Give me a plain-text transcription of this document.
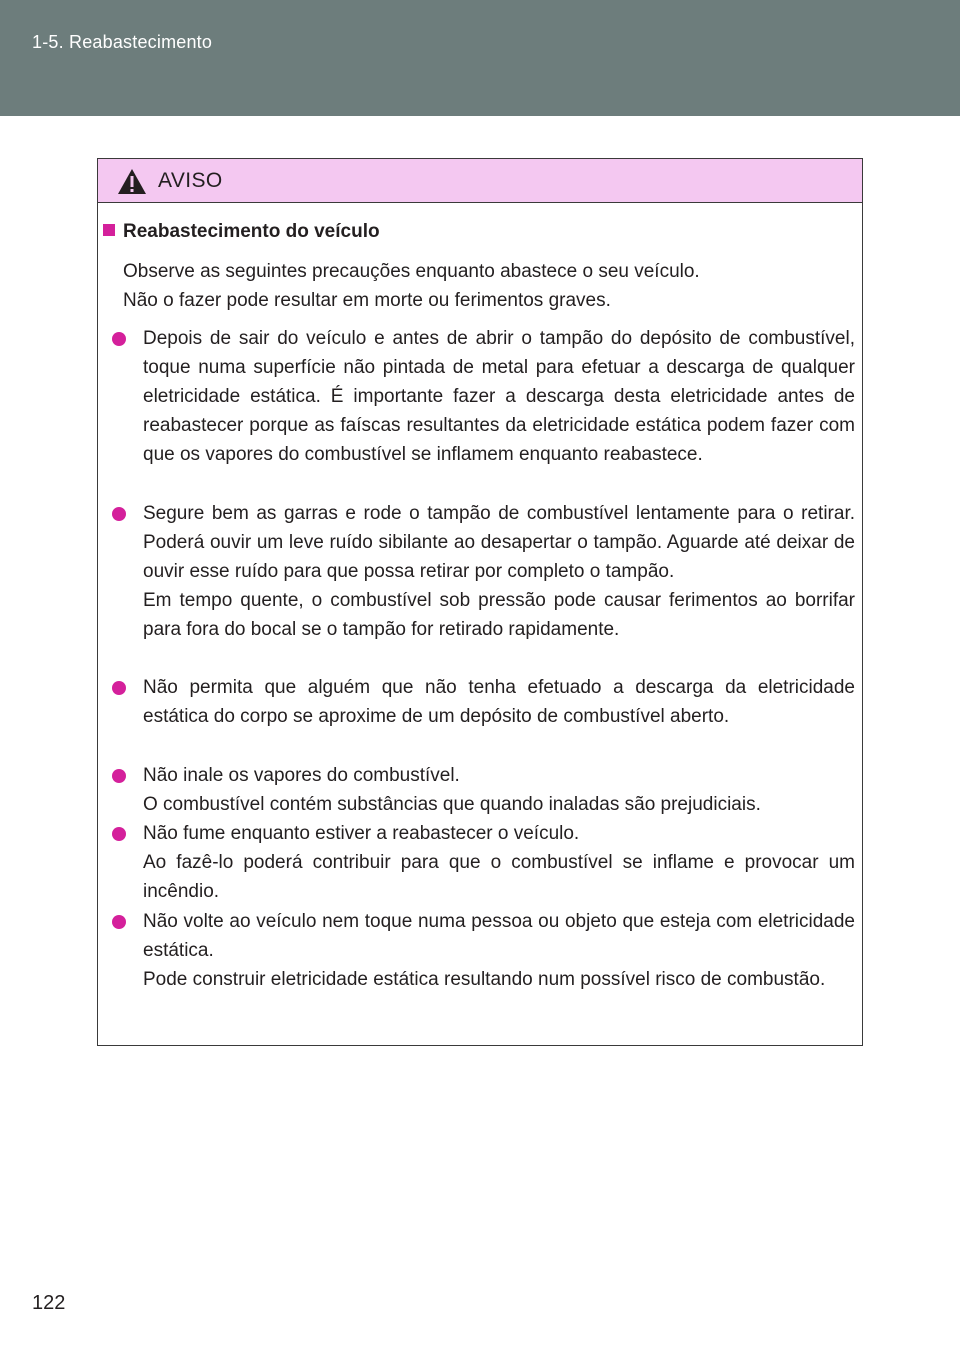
1-5. Reabastecimento
AVISO
Reabastecimento do veículo

Observe as seguintes precauções enquanto abastece o seu veículo.

Não o fazer pode resultar em morte ou ferimentos graves.

Depois de sair do veículo e antes de abrir o tampão do depósito de combustível, toque numa superfície não pintada de metal para efetuar a descarga de qualquer eletricidade estática. É importante fazer a descarga desta eletricidade antes de reabastecer porque as faíscas resultantes da eletricidade estática podem fazer com que os vapores do combustível se inflamem enquanto reabastece.

Segure bem as garras e rode o tampão de combustível lentamente para o retirar. Poderá ouvir um leve ruído sibilante ao desapertar o tampão. Aguarde até deixar de ouvir esse ruído para que possa retirar por completo o tampão.

Em tempo quente, o combustível sob pressão pode causar ferimentos ao borrifar para fora do bocal se o tampão for retirado rapidamente.

Não permita que alguém que não tenha efetuado a descarga da eletricidade estática do corpo se aproxime de um depósito de combustível aberto.

Não inale os vapores do combustível.

O combustível contém substâncias que quando inaladas são prejudiciais.

Não fume enquanto estiver a reabastecer o veículo.

Ao fazê-lo poderá contribuir para que o combustível se inflame e provocar um incêndio.

Não volte ao veículo nem toque numa pessoa ou objeto que esteja com eletricidade estática.

Pode construir eletricidade estática resultando num possível risco de combustão.

122
